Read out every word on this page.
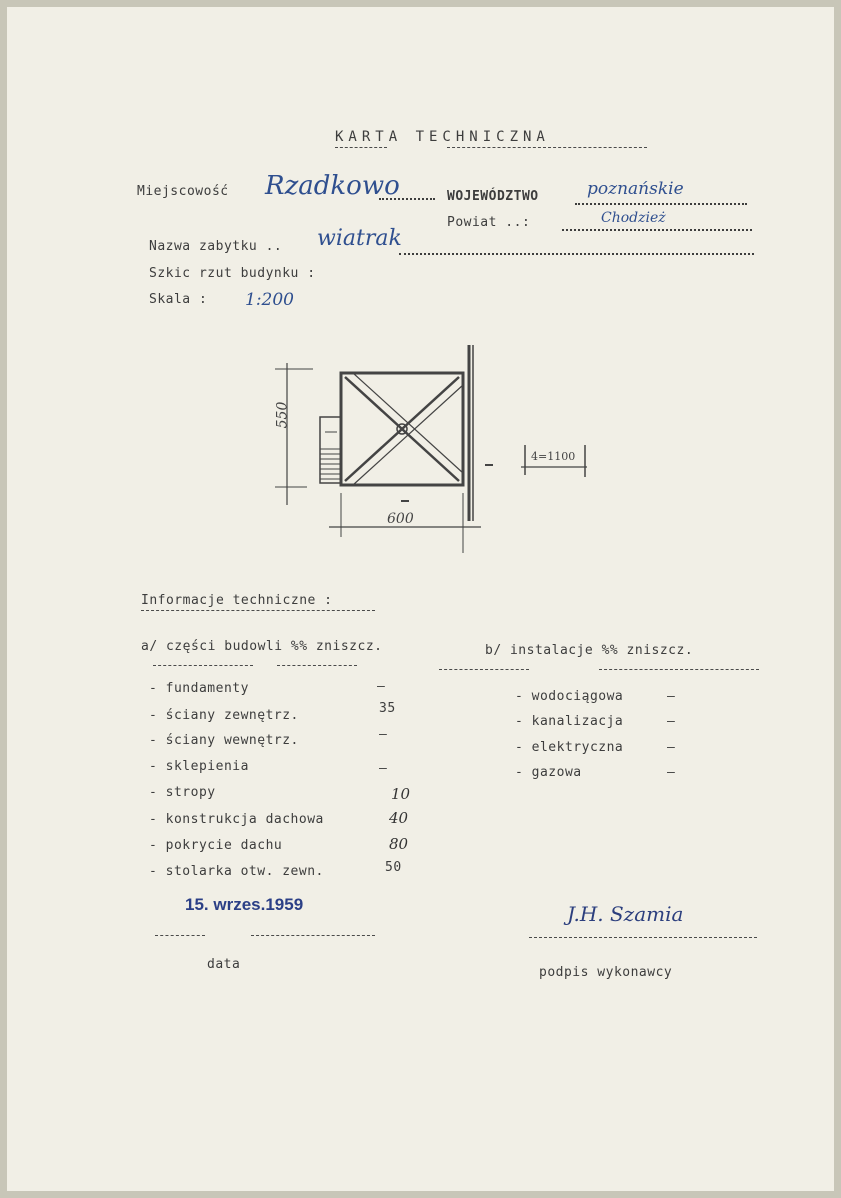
KARTA TECHNICZNA
Miejscowość Rzadkowo	WOJEWÓDZTWO	poznańskie
Powiat ..:	Chodzież
Nazwa zabytku .. wiatrak
Szkic rzut budynku :
Skala : 1:200
550
600
4=1100
Informacje techniczne :
a/ części budowli %% zniszcz.	b/ instalacje %% zniszcz.
- fundamenty	—
- ściany zewnętrz.	35
- ściany wewnętrz.	—
- sklepienia	—
- stropy	10
- konstrukcja dachowa	40
- pokrycie dachu	80
- stolarka otw. zewn.	50
- wodociągowa	—
- kanalizacja	—
- elektryczna	—
- gazowa	—
15. wrzes.1959
data
J.H. Szamia
podpis wykonawcy
